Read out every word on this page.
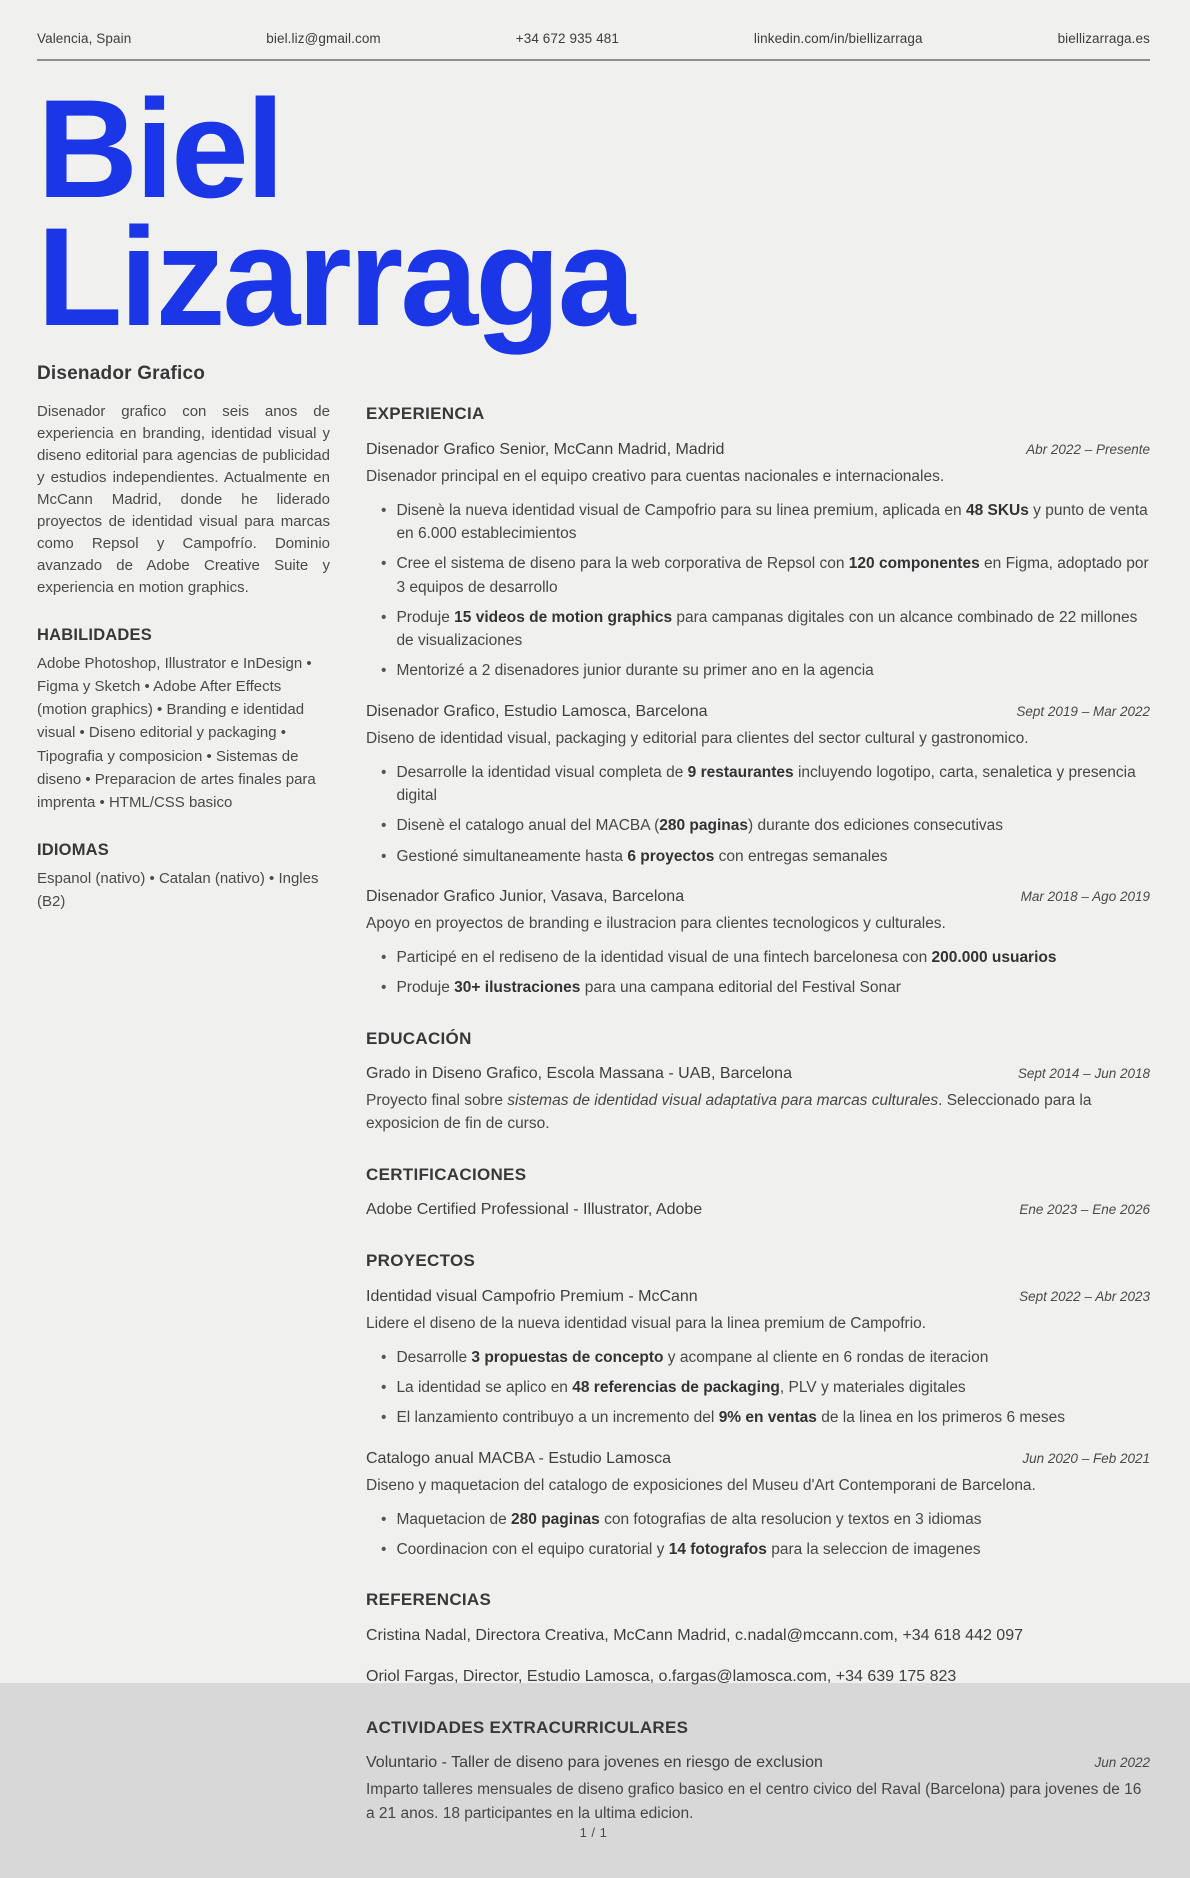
Valencia, Spain	biel.liz@gmail.com	+34 672 935 481	linkedin.com/in/biellizarraga	biellizarraga.es
Biel
Lizarraga
Disenador Grafico

Disenador grafico con seis anos de experiencia en branding, identidad visual y diseno editorial para agencias de publicidad y estudios independientes. Actualmente en McCann Madrid, donde he liderado proyectos de identidad visual para marcas como Repsol y Campofrío. Dominio avanzado de Adobe Creative Suite y experiencia en motion graphics.

HABILIDADES

Adobe Photoshop, Illustrator e InDesign • Figma y Sketch • Adobe After Effects (motion graphics) • Branding e identidad visual • Diseno editorial y packaging • Tipografia y composicion • Sistemas de diseno • Preparacion de artes finales para imprenta • HTML/CSS basico

IDIOMAS

Espanol (nativo) • Catalan (nativo) • Ingles (B2)

EXPERIENCIA
Disenador Grafico Senior, McCann Madrid, Madrid	Abr 2022 – Presente

Disenador principal en el equipo creativo para cuentas nacionales e internacionales.

• Disenè la nueva identidad visual de Campofrio para su linea premium, aplicada en 48 SKUs y punto de venta en 6.000 establecimientos
• Cree el sistema de diseno para la web corporativa de Repsol con 120 componentes en Figma, adoptado por 3 equipos de desarrollo
• Produje 15 videos de motion graphics para campanas digitales con un alcance combinado de 22 millones de visualizaciones
• Mentorizé a 2 disenadores junior durante su primer ano en la agencia
Disenador Grafico, Estudio Lamosca, Barcelona	Sept 2019 – Mar 2022

Diseno de identidad visual, packaging y editorial para clientes del sector cultural y gastronomico.

• Desarrolle la identidad visual completa de 9 restaurantes incluyendo logotipo, carta, senaletica y presencia digital
• Disenè el catalogo anual del MACBA (280 paginas) durante dos ediciones consecutivas
• Gestioné simultaneamente hasta 6 proyectos con entregas semanales
Disenador Grafico Junior, Vasava, Barcelona	Mar 2018 – Ago 2019

Apoyo en proyectos de branding e ilustracion para clientes tecnologicos y culturales.

• Participé en el rediseno de la identidad visual de una fintech barcelonesa con 200.000 usuarios
• Produje 30+ ilustraciones para una campana editorial del Festival Sonar
EDUCACIÓN
Grado in Diseno Grafico, Escola Massana - UAB, Barcelona	Sept 2014 – Jun 2018

Proyecto final sobre sistemas de identidad visual adaptativa para marcas culturales. Seleccionado para la exposicion de fin de curso.

CERTIFICACIONES
Adobe Certified Professional - Illustrator, Adobe	Ene 2023 – Ene 2026
PROYECTOS
Identidad visual Campofrio Premium - McCann	Sept 2022 – Abr 2023

Lidere el diseno de la nueva identidad visual para la linea premium de Campofrio.

• Desarrolle 3 propuestas de concepto y acompane al cliente en 6 rondas de iteracion
• La identidad se aplico en 48 referencias de packaging, PLV y materiales digitales
• El lanzamiento contribuyo a un incremento del 9% en ventas de la linea en los primeros 6 meses
Catalogo anual MACBA - Estudio Lamosca	Jun 2020 – Feb 2021

Diseno y maquetacion del catalogo de exposiciones del Museu d'Art Contemporani de Barcelona.

• Maquetacion de 280 paginas con fotografias de alta resolucion y textos en 3 idiomas
• Coordinacion con el equipo curatorial y 14 fotografos para la seleccion de imagenes
REFERENCIAS
Cristina Nadal, Directora Creativa, McCann Madrid, c.nadal@mccann.com, +34 618 442 097
Oriol Fargas, Director, Estudio Lamosca, o.fargas@lamosca.com, +34 639 175 823
ACTIVIDADES EXTRACURRICULARES
Voluntario - Taller de diseno para jovenes en riesgo de exclusion	Jun 2022

Imparto talleres mensuales de diseno grafico basico en el centro civico del Raval (Barcelona) para jovenes de 16 a 21 anos. 18 participantes en la ultima edicion.

1 / 1
